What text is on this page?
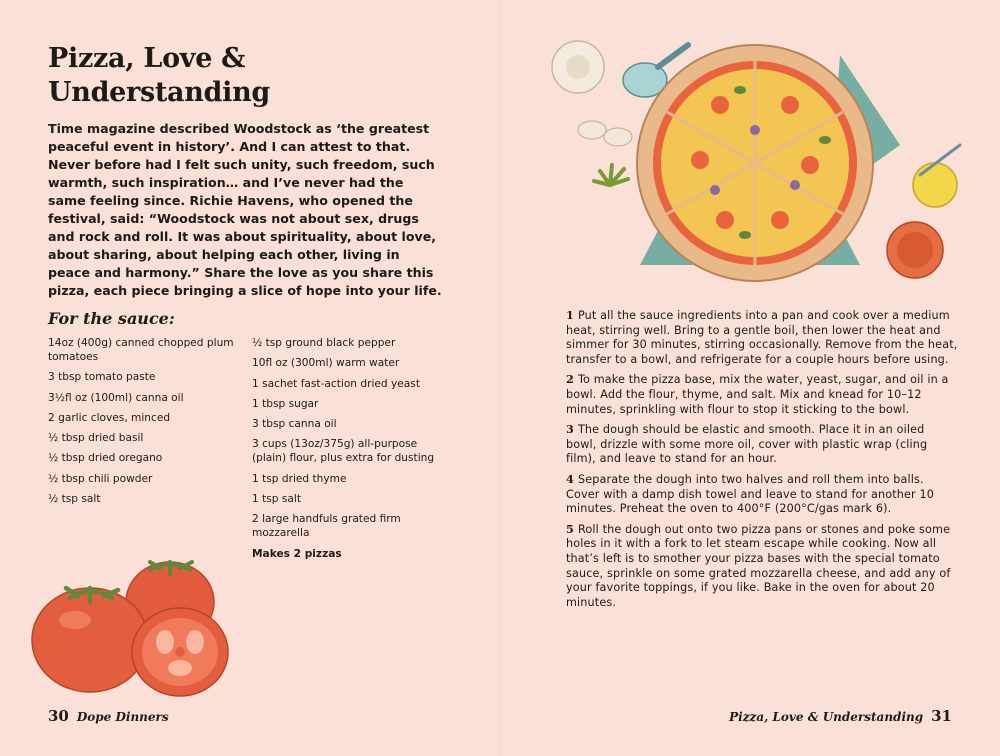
Pizza, Love & Understanding

Time magazine described Woodstock as ‘the greatest peaceful event in history’. And I can attest to that. Never before had I felt such unity, such freedom, such warmth, such inspiration… and I’ve never had the same feeling since. Richie Havens, who opened the festival, said: “Woodstock was not about sex, drugs and rock and roll. It was about spirituality, about love, about sharing, about helping each other, living in peace and harmony.” Share the love as you share this pizza, each piece bringing a slice of hope into your life.

For the sauce:
14oz (400g) canned chopped plum tomatoes
3 tbsp tomato paste
3½fl oz (100ml) canna oil
2 garlic cloves, minced
½ tbsp dried basil
½ tbsp dried oregano
½ tbsp chili powder
½ tsp salt
½ tsp ground black pepper
10fl oz (300ml) warm water
1 sachet fast-action dried yeast
1 tbsp sugar
3 tbsp canna oil
3 cups (13oz/375g) all-purpose (plain) flour, plus extra for dusting
1 tsp dried thyme
1 tsp salt
2 large handfuls grated firm mozzarella
Makes 2 pizzas
30 Dope Dinners
1 Put all the sauce ingredients into a pan and cook over a medium heat, stirring well. Bring to a gentle boil, then lower the heat and simmer for 30 minutes, stirring occasionally. Remove from the heat, transfer to a bowl, and refrigerate for a couple hours before using.
2 To make the pizza base, mix the water, yeast, sugar, and oil in a bowl. Add the flour, thyme, and salt. Mix and knead for 10–12 minutes, sprinkling with flour to stop it sticking to the bowl.
3 The dough should be elastic and smooth. Place it in an oiled bowl, drizzle with some more oil, cover with plastic wrap (cling film), and leave to stand for an hour.
4 Separate the dough into two halves and roll them into balls. Cover with a damp dish towel and leave to stand for another 10 minutes. Preheat the oven to 400°F (200°C/gas mark 6).
5 Roll the dough out onto two pizza pans or stones and poke some holes in it with a fork to let steam escape while cooking. Now all that’s left is to smother your pizza bases with the special tomato sauce, sprinkle on some grated mozzarella cheese, and add any of your favorite toppings, if you like. Bake in the oven for about 20 minutes.
Pizza, Love & Understanding 31
